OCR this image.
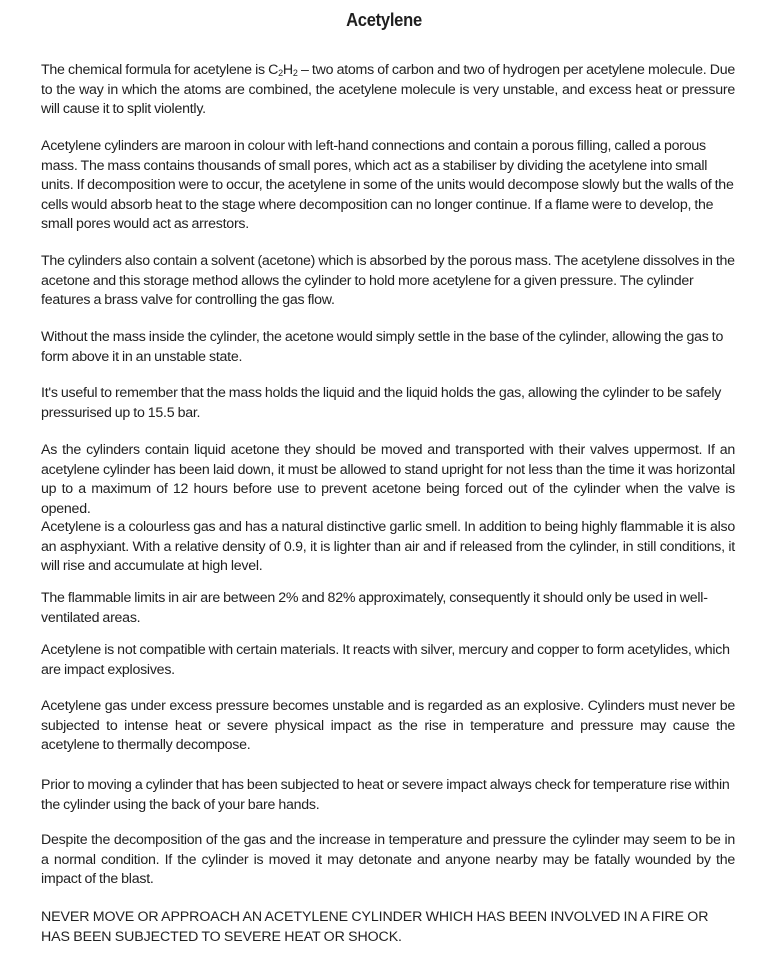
Acetylene
The chemical formula for acetylene is $C_2H_2$ – two atoms of carbon and two of hydrogen per acetylene molecule. Due to the way in which the atoms are combined, the acetylene molecule is very unstable, and excess heat or pressure will cause it to split violently.
Acetylene cylinders are maroon in colour with left-hand connections and contain a porous filling, called a porous mass. The mass contains thousands of small pores, which act as a stabiliser by dividing the acetylene into small units. If decomposition were to occur, the acetylene in some of the units would decompose slowly but the walls of the cells would absorb heat to the stage where decomposition can no longer continue. If a flame were to develop, the small pores would act as arrestors.
The cylinders also contain a solvent (acetone) which is absorbed by the porous mass. The acetylene dissolves in the acetone and this storage method allows the cylinder to hold more acetylene for a given pressure. The cylinder features a brass valve for controlling the gas flow.
Without the mass inside the cylinder, the acetone would simply settle in the base of the cylinder, allowing the gas to form above it in an unstable state.
It's useful to remember that the mass holds the liquid and the liquid holds the gas, allowing the cylinder to be safely pressurised up to 15.5 bar.
As the cylinders contain liquid acetone they should be moved and transported with their valves uppermost. If an acetylene cylinder has been laid down, it must be allowed to stand upright for not less than the time it was horizontal up to a maximum of 12 hours before use to prevent acetone being forced out of the cylinder when the valve is opened.
Acetylene is a colourless gas and has a natural distinctive garlic smell. In addition to being highly flammable it is also an asphyxiant. With a relative density of 0.9, it is lighter than air and if released from the cylinder, in still conditions, it will rise and accumulate at high level.
The flammable limits in air are between 2% and 82% approximately, consequently it should only be used in well-ventilated areas.
Acetylene is not compatible with certain materials. It reacts with silver, mercury and copper to form acetylides, which are impact explosives.
Acetylene gas under excess pressure becomes unstable and is regarded as an explosive. Cylinders must never be subjected to intense heat or severe physical impact as the rise in temperature and pressure may cause the acetylene to thermally decompose.
Prior to moving a cylinder that has been subjected to heat or severe impact always check for temperature rise within the cylinder using the back of your bare hands.
Despite the decomposition of the gas and the increase in temperature and pressure the cylinder may seem to be in a normal condition. If the cylinder is moved it may detonate and anyone nearby may be fatally wounded by the impact of the blast.
NEVER MOVE OR APPROACH AN ACETYLENE CYLINDER WHICH HAS BEEN INVOLVED IN A FIRE OR HAS BEEN SUBJECTED TO SEVERE HEAT OR SHOCK.
